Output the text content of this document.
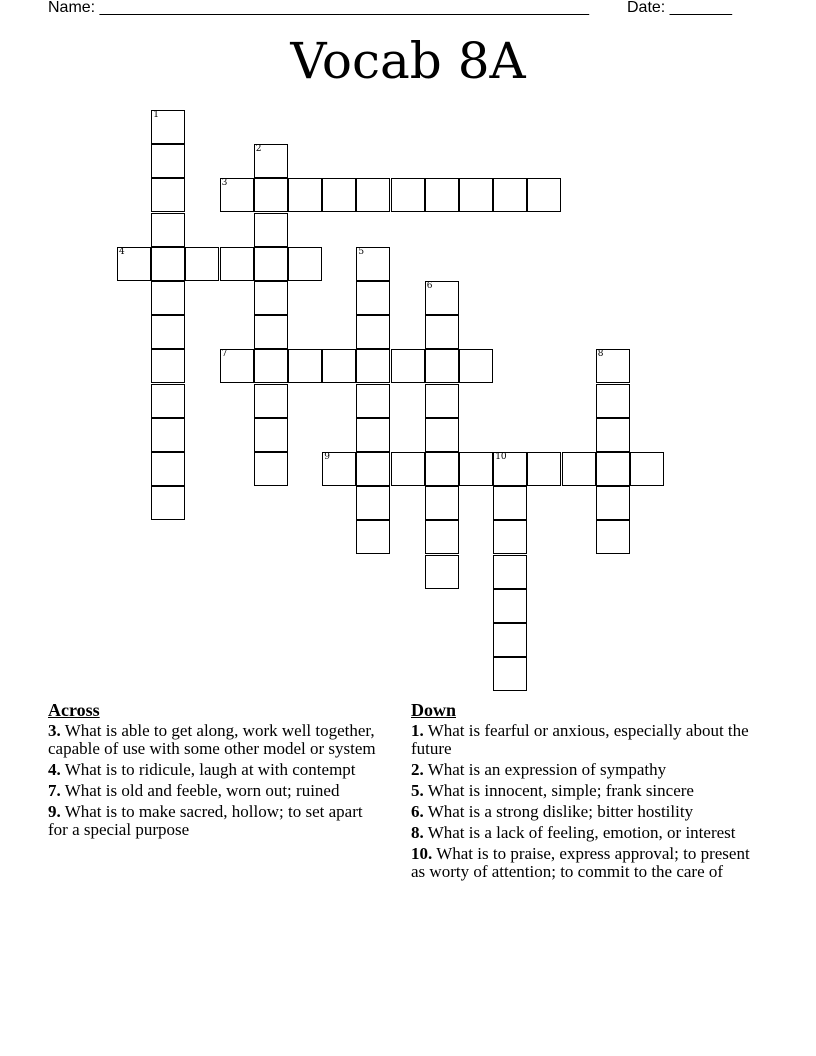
Name: _______________________________________________________ Date: _______
Vocab 8A
1
2
3
4	5
6
7	8
9	10
Across
3. What is able to get along, work well together, capable of use with some other model or system
4. What is to ridicule, laugh at with contempt
7. What is old and feeble, worn out; ruined
9. What is to make sacred, hollow; to set apart for a special purpose
Down
1. What is fearful or anxious, especially about the future
2. What is an expression of sympathy
5. What is innocent, simple; frank sincere
6. What is a strong dislike; bitter hostility
8. What is a lack of feeling, emotion, or interest
10. What is to praise, express approval; to present as worty of attention; to commit to the care of
